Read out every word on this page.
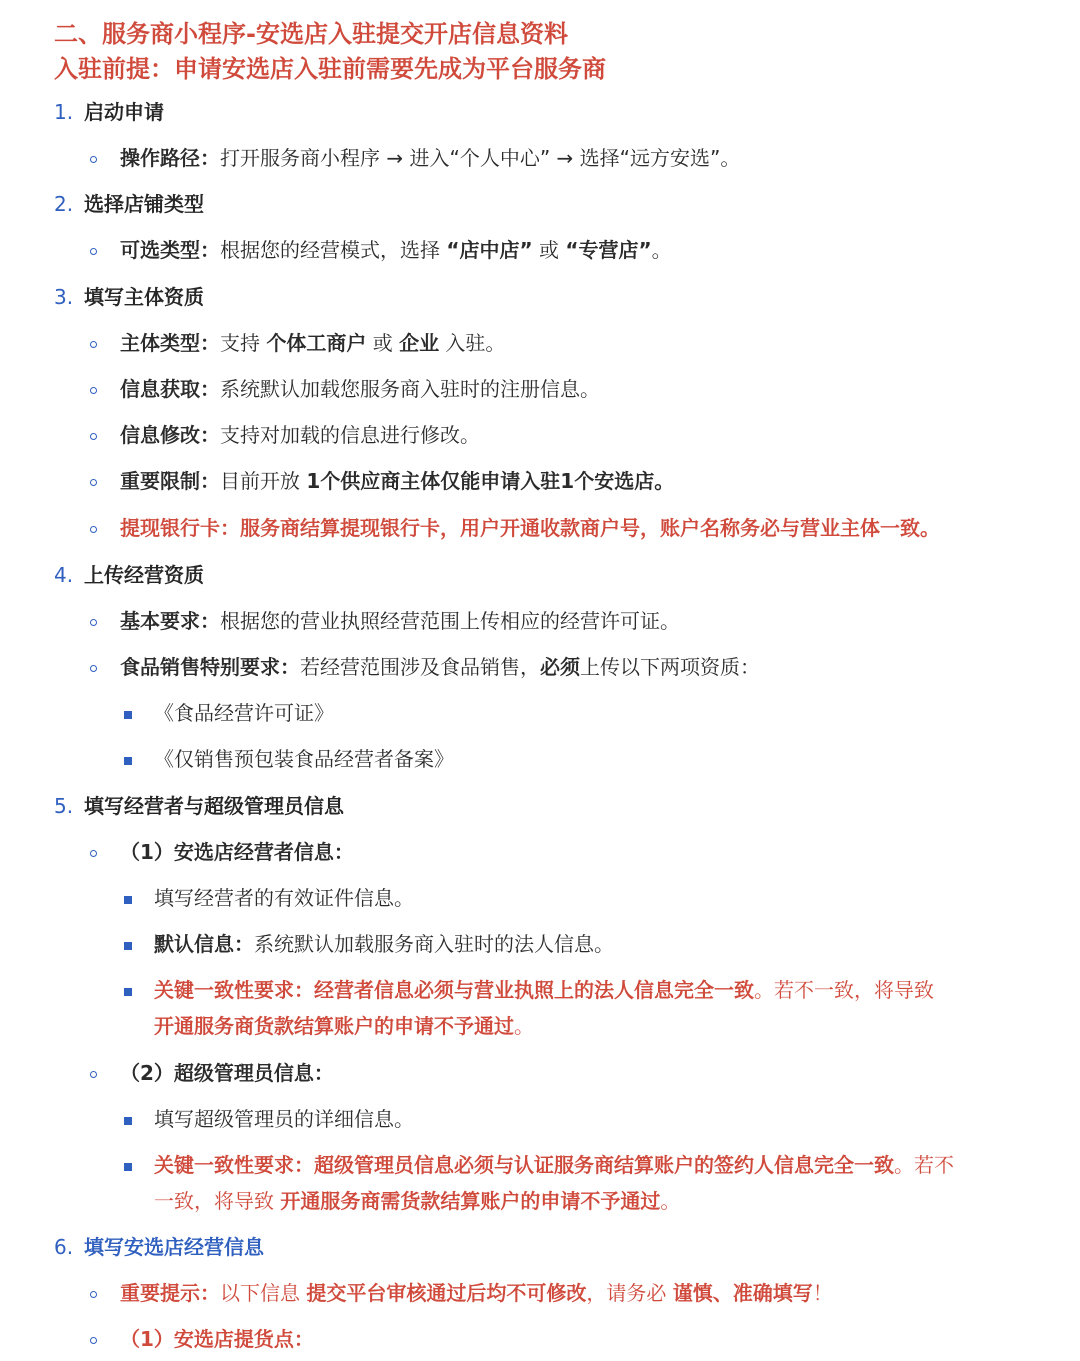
二、服务商小程序-安选店入驻提交开店信息资料
入驻前提：申请安选店入驻前需要先成为平台服务商
1. 启动申请
操作路径：打开服务商小程序 → 进入“个人中心” → 选择“远方安选”。
2. 选择店铺类型
可选类型：根据您的经营模式，选择 “店中店” 或 “专营店”。
3. 填写主体资质
主体类型：支持 个体工商户 或 企业 入驻。
信息获取：系统默认加载您服务商入驻时的注册信息。
信息修改：支持对加载的信息进行修改。
重要限制：目前开放 1个供应商主体仅能申请入驻1个安选店。
提现银行卡：服务商结算提现银行卡，用户开通收款商户号，账户名称务必与营业主体一致。
4. 上传经营资质
基本要求：根据您的营业执照经营范围上传相应的经营许可证。
食品销售特别要求：若经营范围涉及食品销售，必须上传以下两项资质：
《食品经营许可证》
《仅销售预包装食品经营者备案》
5. 填写经营者与超级管理员信息
（1）安选店经营者信息：
填写经营者的有效证件信息。
默认信息：系统默认加载服务商入驻时的法人信息。
关键一致性要求：经营者信息必须与营业执照上的法人信息完全一致。若不一致，将导致
开通服务商货款结算账户的申请不予通过。
（2）超级管理员信息：
填写超级管理员的详细信息。
关键一致性要求：超级管理员信息必须与认证服务商结算账户的签约人信息完全一致。若不
一致，将导致 开通服务商需货款结算账户的申请不予通过。
6. 填写安选店经营信息
重要提示：以下信息 提交平台审核通过后均不可修改，请务必 谨慎、准确填写！
（1）安选店提货点：
